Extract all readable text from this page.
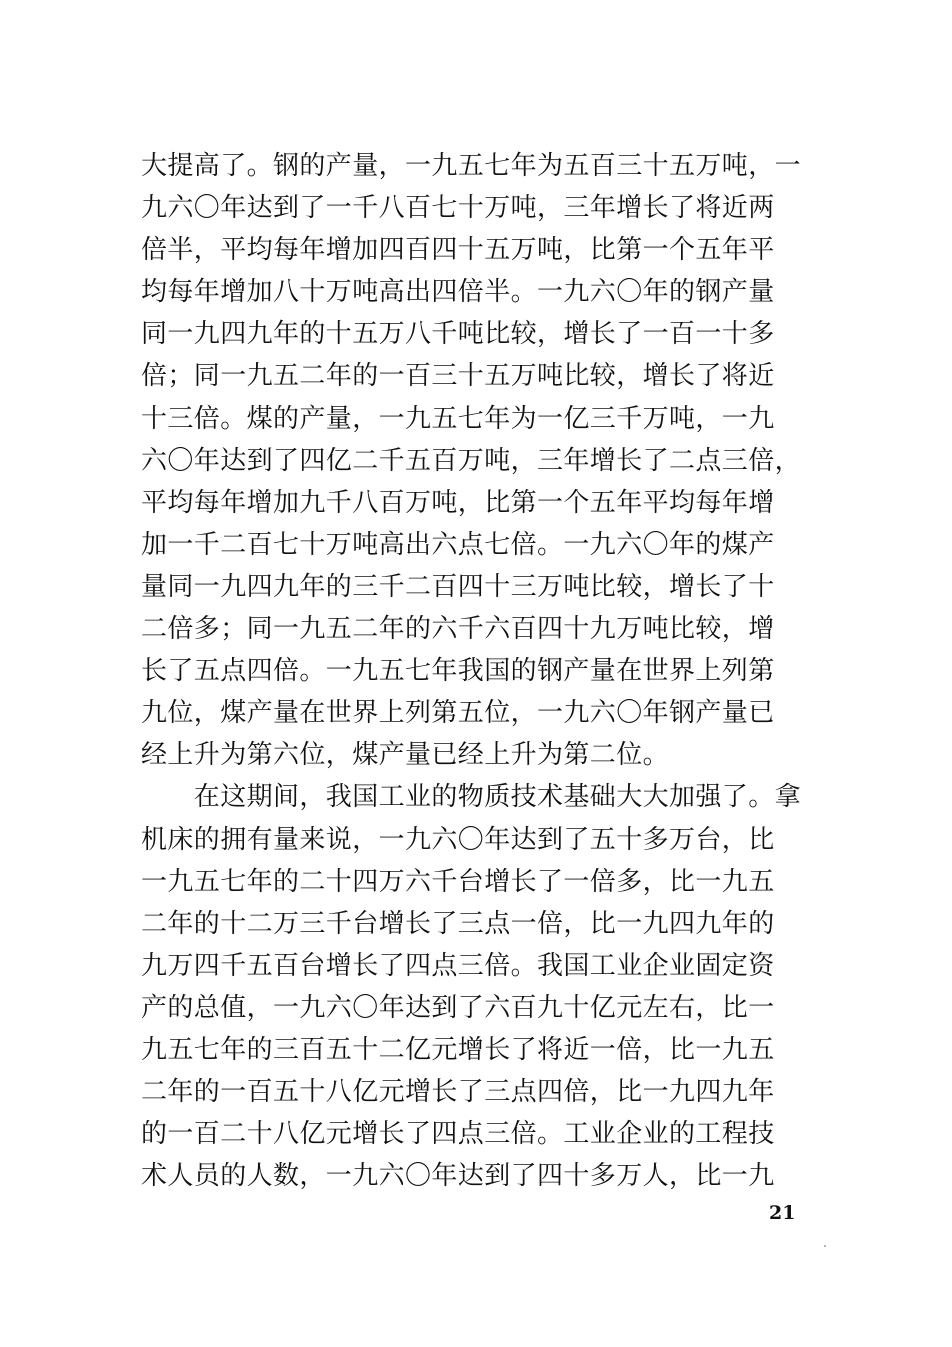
大提高了。钢的产量，一九五七年为五百三十五万吨，一
九六〇年达到了一千八百七十万吨，三年增长了将近两
倍半，平均每年增加四百四十五万吨，比第一个五年平
均每年增加八十万吨高出四倍半。一九六〇年的钢产量
同一九四九年的十五万八千吨比较，增长了一百一十多
倍；同一九五二年的一百三十五万吨比较，增长了将近
十三倍。煤的产量，一九五七年为一亿三千万吨，一九
六〇年达到了四亿二千五百万吨，三年增长了二点三倍，
平均每年增加九千八百万吨，比第一个五年平均每年增
加一千二百七十万吨高出六点七倍。一九六〇年的煤产
量同一九四九年的三千二百四十三万吨比较，增长了十
二倍多；同一九五二年的六千六百四十九万吨比较，增
长了五点四倍。一九五七年我国的钢产量在世界上列第
九位，煤产量在世界上列第五位，一九六〇年钢产量已
经上升为第六位，煤产量已经上升为第二位。
　　在这期间，我国工业的物质技术基础大大加强了。拿
机床的拥有量来说，一九六〇年达到了五十多万台，比
一九五七年的二十四万六千台增长了一倍多，比一九五
二年的十二万三千台增长了三点一倍，比一九四九年的
九万四千五百台增长了四点三倍。我国工业企业固定资
产的总值，一九六〇年达到了六百九十亿元左右，比一
九五七年的三百五十二亿元增长了将近一倍，比一九五
二年的一百五十八亿元增长了三点四倍，比一九四九年
的一百二十八亿元增长了四点三倍。工业企业的工程技
术人员的人数，一九六〇年达到了四十多万人，比一九
21
